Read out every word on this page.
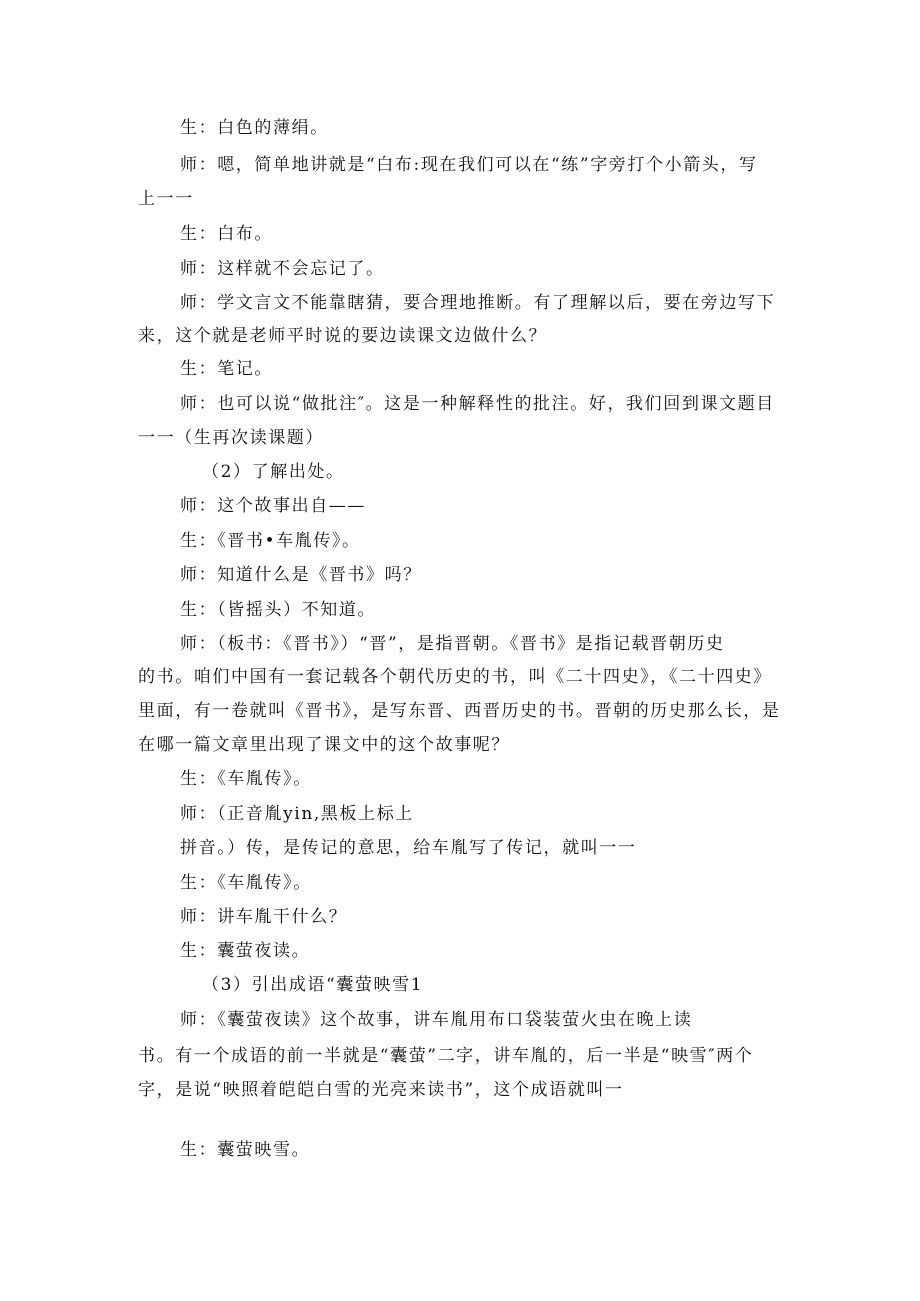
生：白色的薄绢。
师：嗯，简单地讲就是“白布:现在我们可以在“练”字旁打个小箭头，写
上一一
生：白布。
师：这样就不会忘记了。
师：学文言文不能靠瞎猜，要合理地推断。有了理解以后，要在旁边写下
来，这个就是老师平时说的要边读课文边做什么？
生：笔记。
师：也可以说“做批注″。这是一种解释性的批注。好，我们回到课文题目
一一（生再次读课题）
（2）了解出处。
师：这个故事出自——
生：《晋书•车胤传》。
师：知道什么是《晋书》吗？
生：（皆摇头）不知道。
师：（板书：《晋书》）“晋”，是指晋朝。《晋书》是指记载晋朝历史
的书。咱们中国有一套记载各个朝代历史的书，叫《二十四史》，《二十四史》
里面，有一卷就叫《晋书》，是写东晋、西晋历史的书。晋朝的历史那么长，是
在哪一篇文章里出现了课文中的这个故事呢？
生：《车胤传》。
师：（正音胤yin,黑板上标上
拼音。）传，是传记的意思，给车胤写了传记，就叫一一
生：《车胤传》。
师：讲车胤干什么？
生：囊萤夜读。
（3）引出成语“囊萤映雪1
师：《囊萤夜读》这个故事，讲车胤用布口袋装萤火虫在晚上读
书。有一个成语的前一半就是“囊萤”二字，讲车胤的，后一半是“映雪″两个
字，是说“映照着皑皑白雪的光亮来读书”，这个成语就叫一
生：囊萤映雪。
